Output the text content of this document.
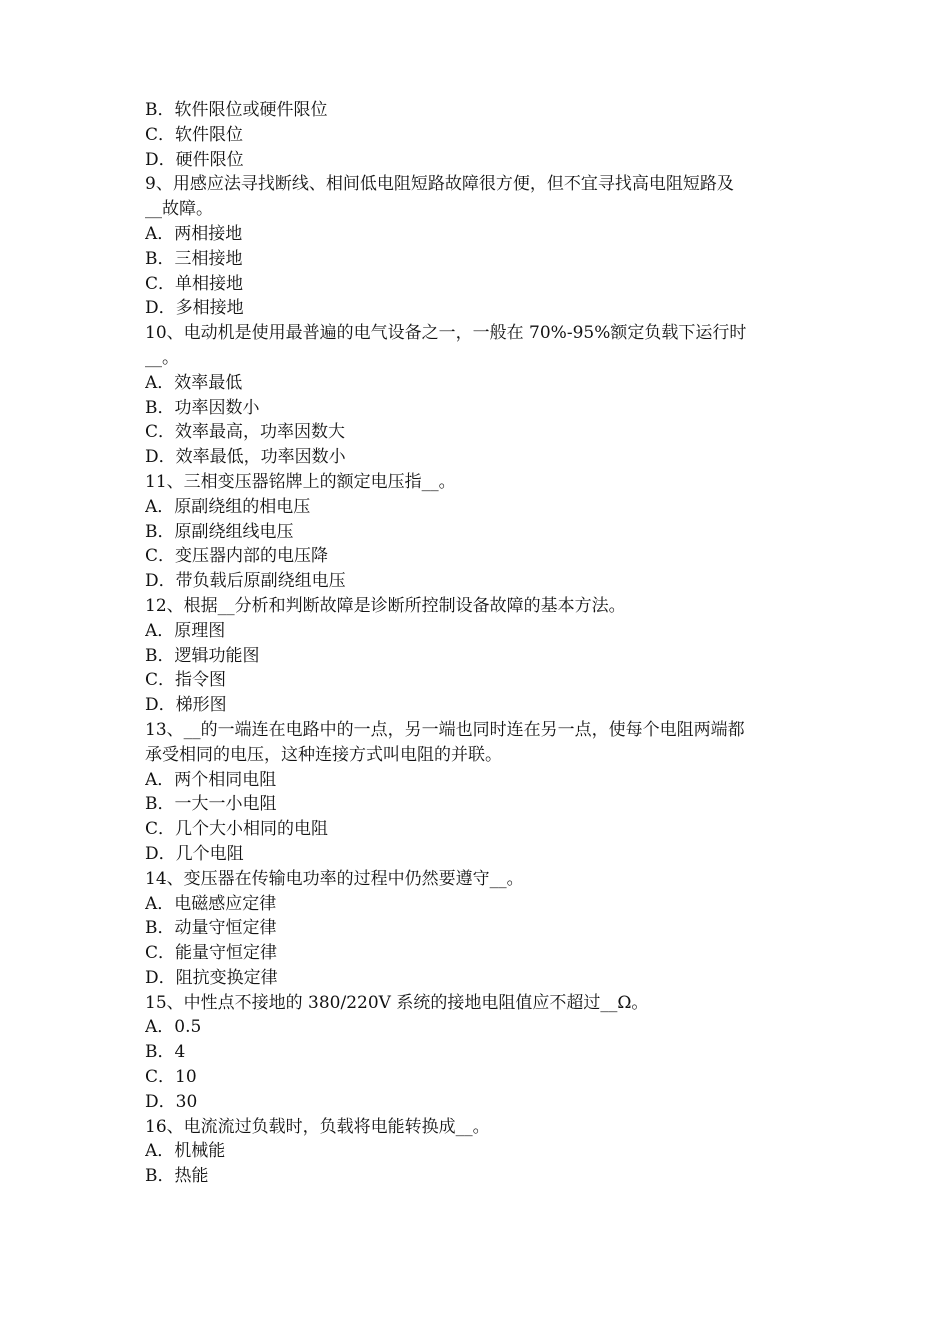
B．软件限位或硬件限位
C．软件限位
D．硬件限位
9、用感应法寻找断线、相间低电阻短路故障很方便，但不宜寻找高电阻短路及
__故障。
A．两相接地
B．三相接地
C．单相接地
D．多相接地
10、电动机是使用最普遍的电气设备之一，一般在 70%-95%额定负载下运行时
__。
A．效率最低
B．功率因数小
C．效率最高，功率因数大
D．效率最低，功率因数小
11、三相变压器铭牌上的额定电压指__。
A．原副绕组的相电压
B．原副绕组线电压
C．变压器内部的电压降
D．带负载后原副绕组电压
12、根据__分析和判断故障是诊断所控制设备故障的基本方法。
A．原理图
B．逻辑功能图
C．指令图
D．梯形图
13、__的一端连在电路中的一点，另一端也同时连在另一点，使每个电阻两端都
承受相同的电压，这种连接方式叫电阻的并联。
A．两个相同电阻
B．一大一小电阻
C．几个大小相同的电阻
D．几个电阻
14、变压器在传输电功率的过程中仍然要遵守__。
A．电磁感应定律
B．动量守恒定律
C．能量守恒定律
D．阻抗变换定律
15、中性点不接地的 380/220V 系统的接地电阻值应不超过__Ω。
A．0.5
B．4
C．10
D．30
16、电流流过负载时，负载将电能转换成__。
A．机械能
B．热能
